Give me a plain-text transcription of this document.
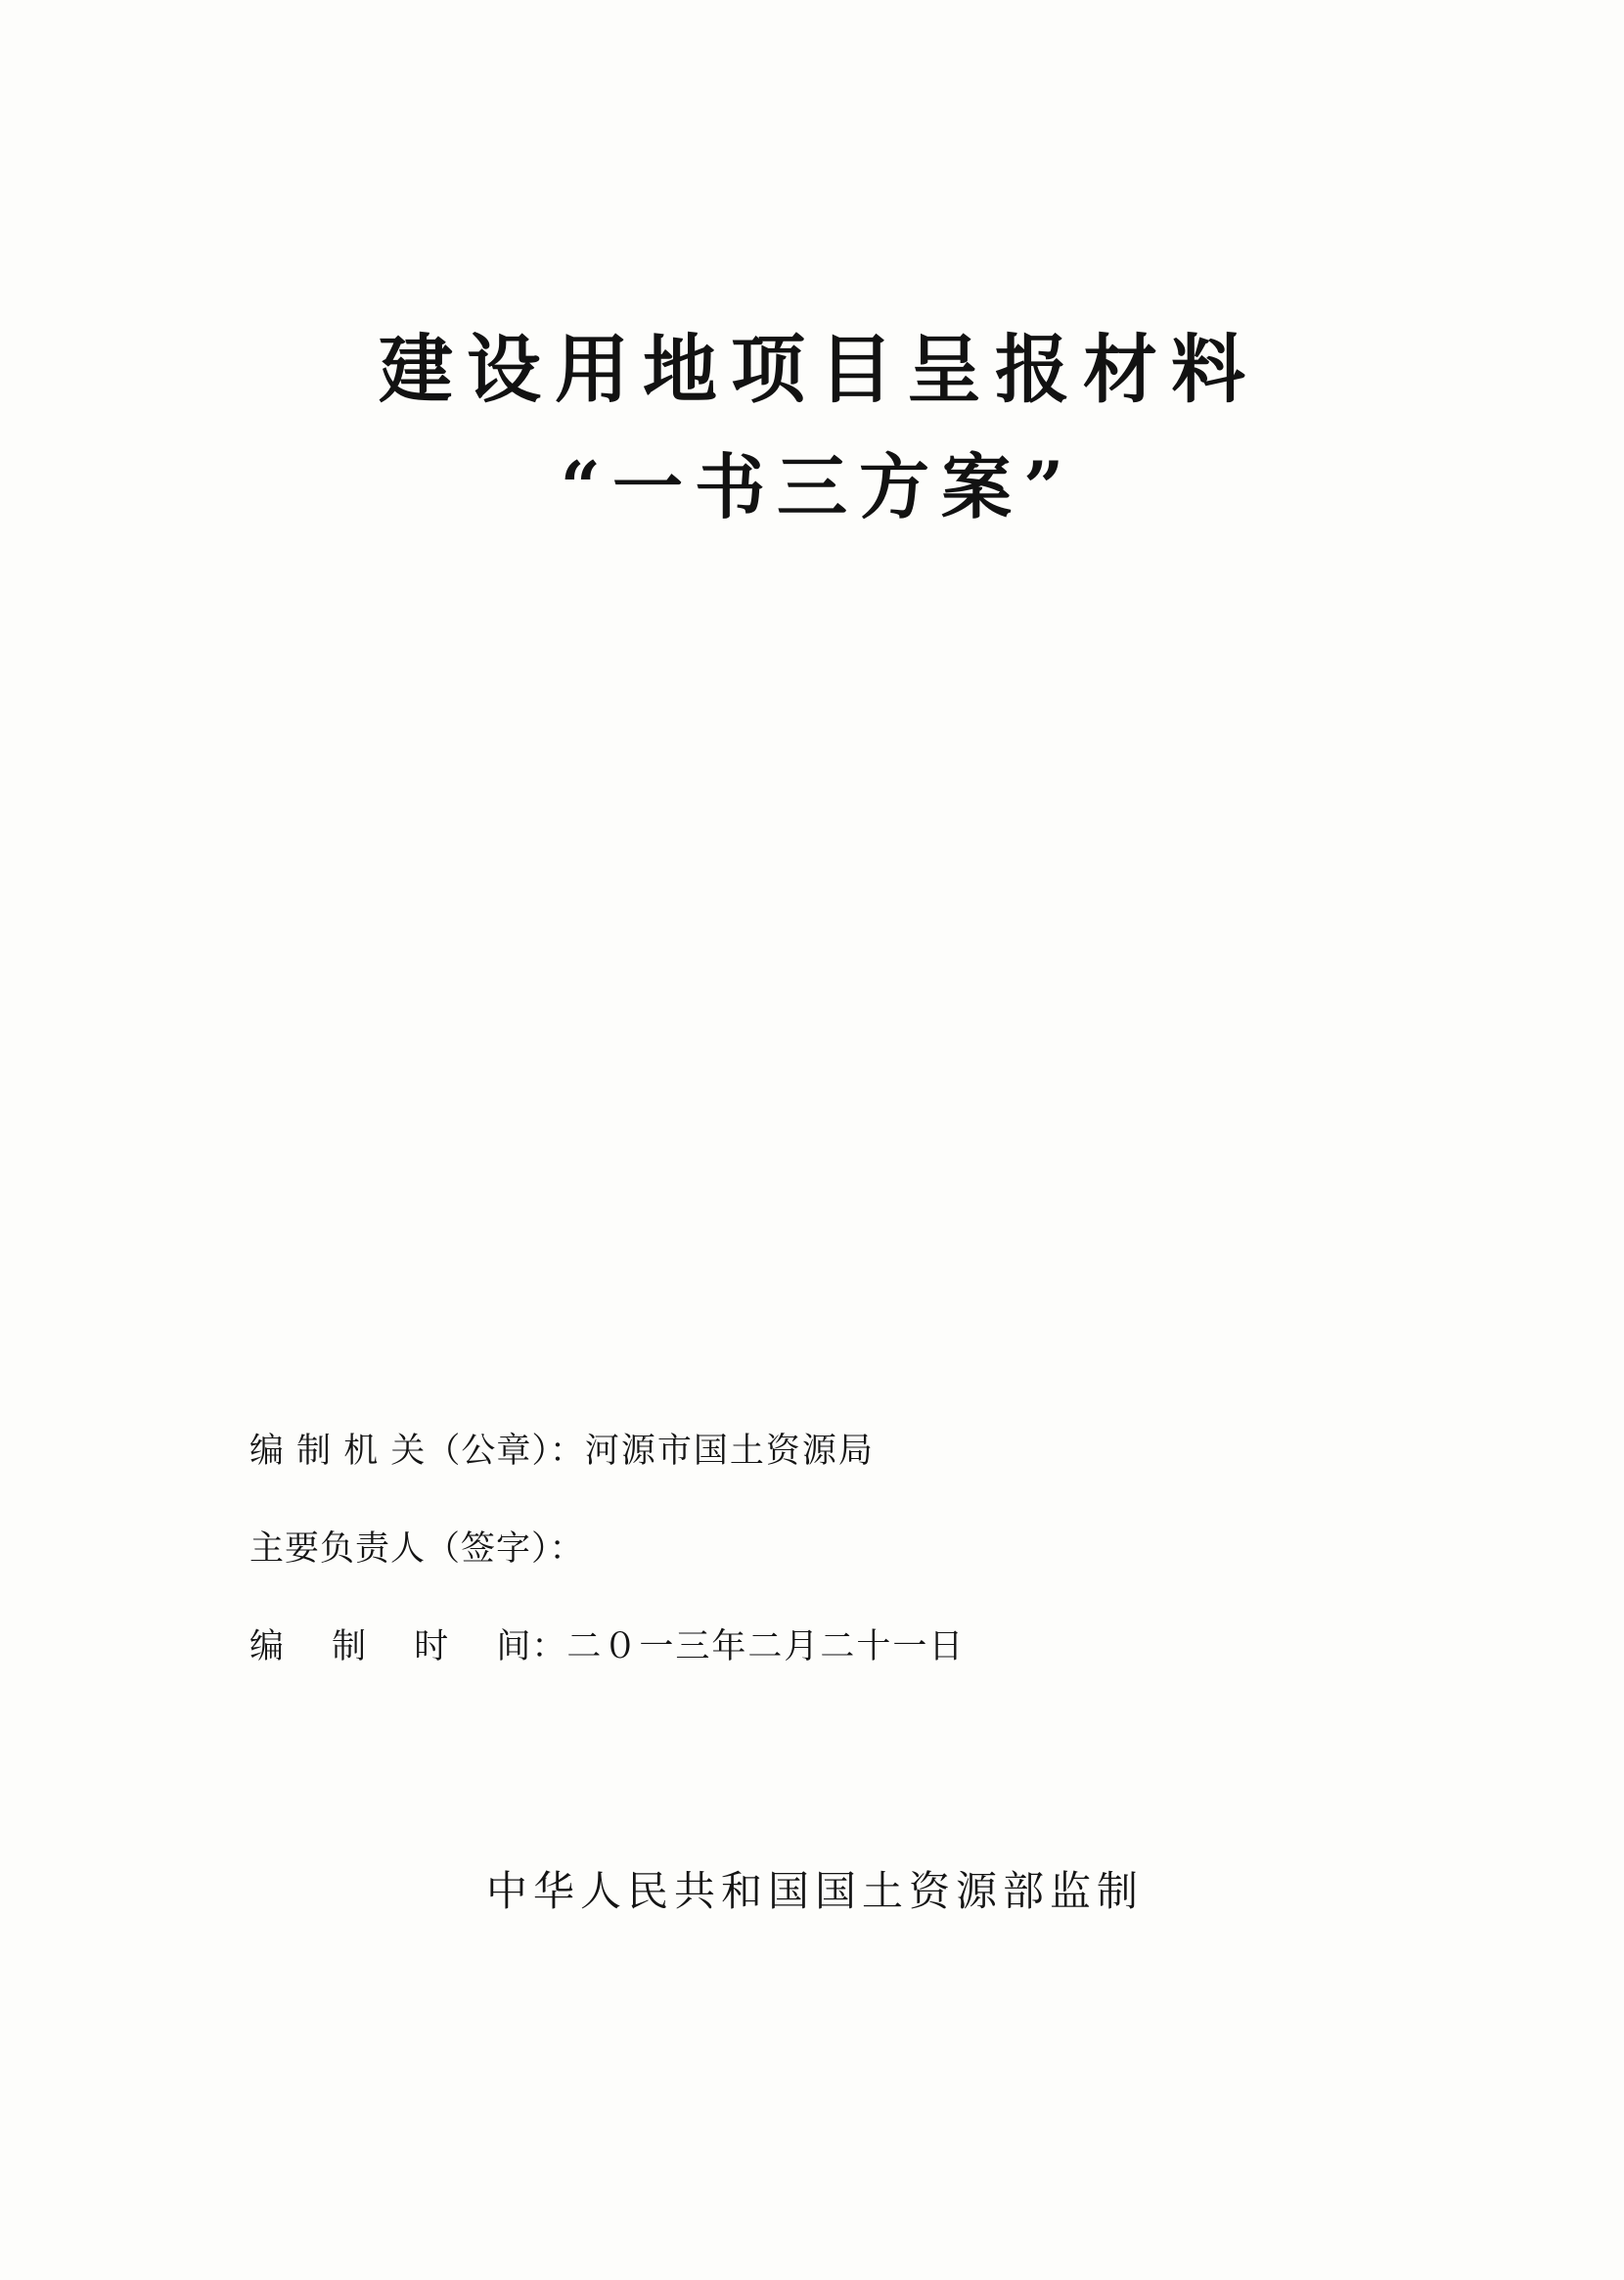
建设用地项目呈报材料
“一书三方案”
编 制 机 关（公章）： 河源市国土资源局
主要负责人（签字）：
编　 制　 时　 间： 二０一三年二月二十一日
中华人民共和国国土资源部监制
